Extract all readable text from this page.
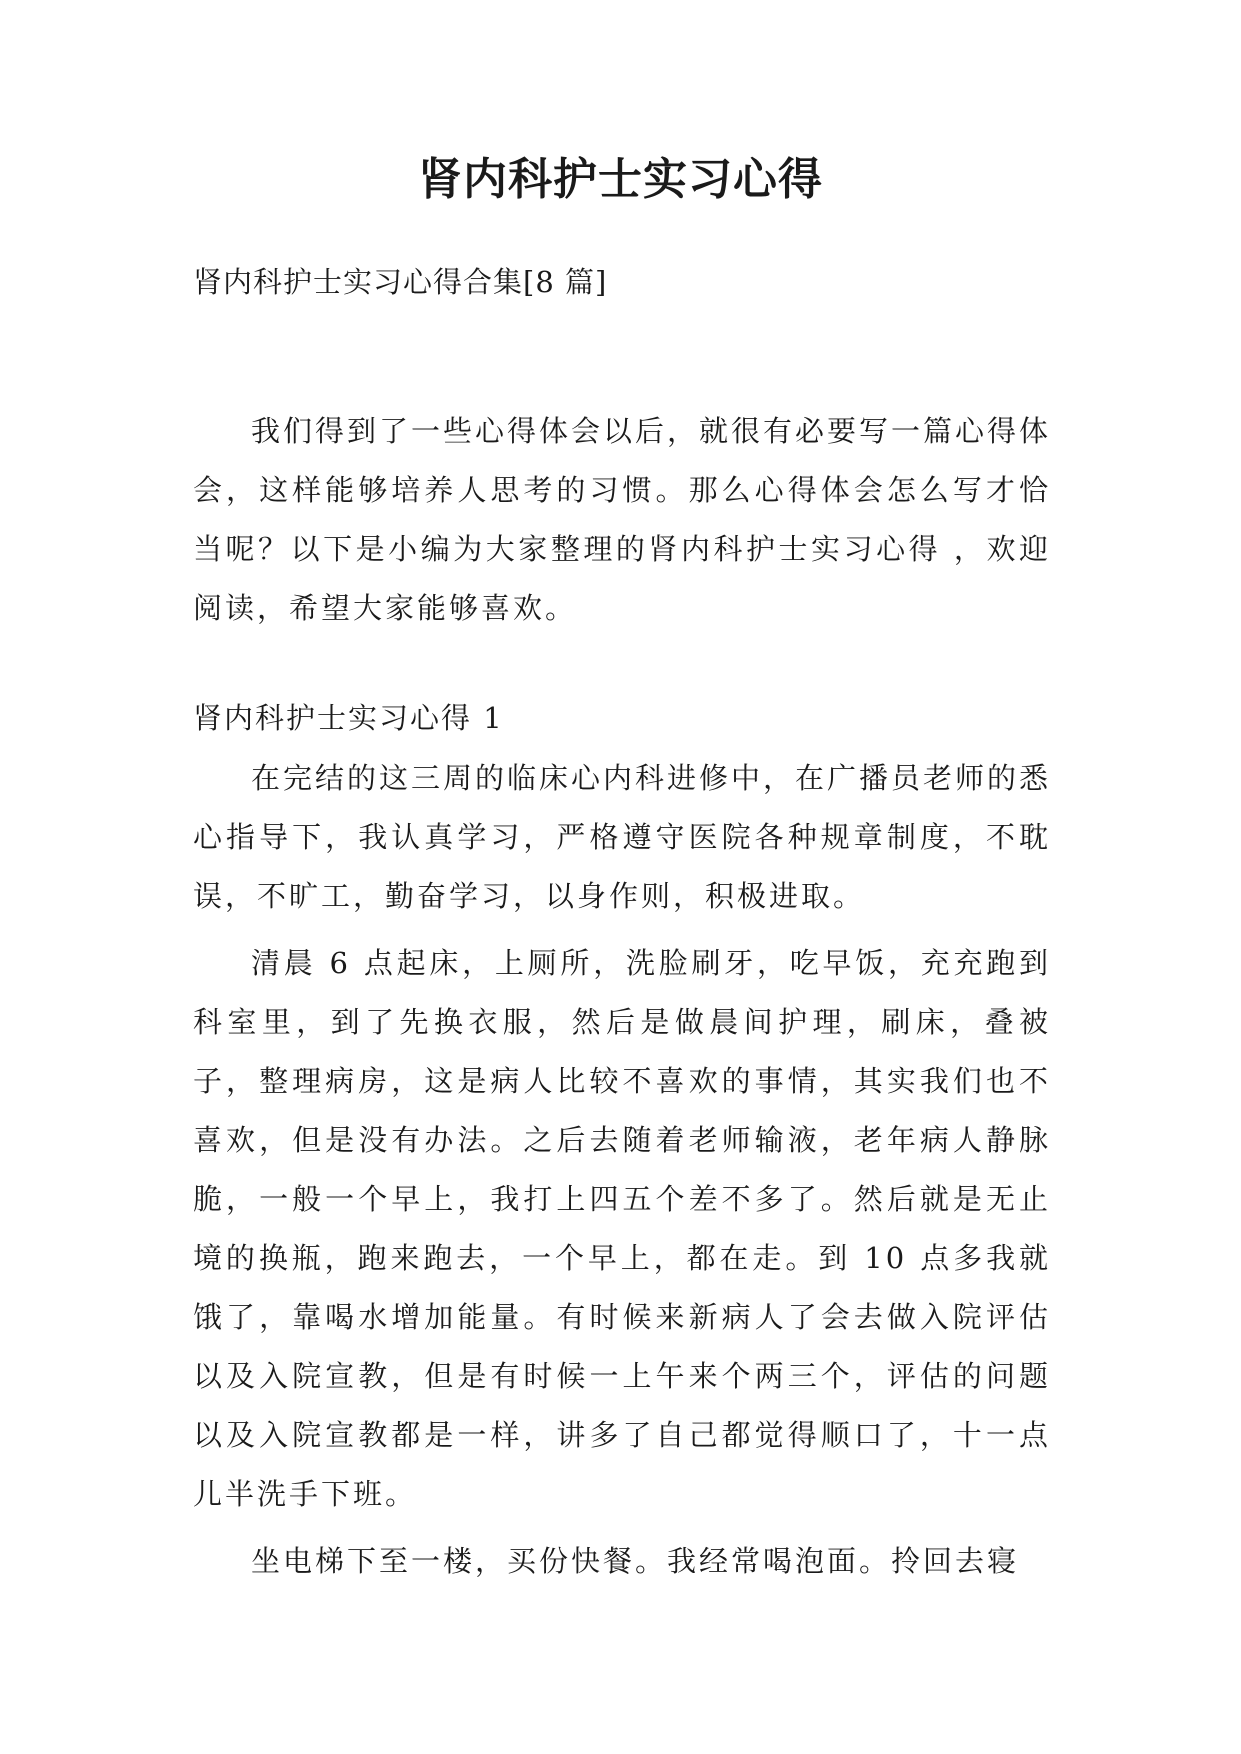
肾内科护士实习心得
肾内科护士实习心得合集[8 篇]

我们得到了一些心得体会以后，就很有必要写一篇心得体会，这样能够培养人思考的习惯。那么心得体会怎么写才恰当呢？以下是小编为大家整理的肾内科护士实习心得 ，欢迎阅读，希望大家能够喜欢。

肾内科护士实习心得 1

在完结的这三周的临床心内科进修中，在广播员老师的悉心指导下，我认真学习，严格遵守医院各种规章制度，不耽误，不旷工，勤奋学习，以身作则，积极进取。

清晨 6 点起床，上厕所，洗脸刷牙，吃早饭，充充跑到科室里，到了先换衣服，然后是做晨间护理，刷床，叠被子，整理病房，这是病人比较不喜欢的事情，其实我们也不喜欢，但是没有办法。之后去随着老师输液，老年病人静脉脆，一般一个早上，我打上四五个差不多了。然后就是无止境的换瓶，跑来跑去，一个早上，都在走。到 10 点多我就饿了，靠喝水增加能量。有时候来新病人了会去做入院评估以及入院宣教，但是有时候一上午来个两三个，评估的问题以及入院宣教都是一样，讲多了自己都觉得顺口了，十一点儿半洗手下班。

坐电梯下至一楼，买份快餐。我经常喝泡面。拎回去寝
